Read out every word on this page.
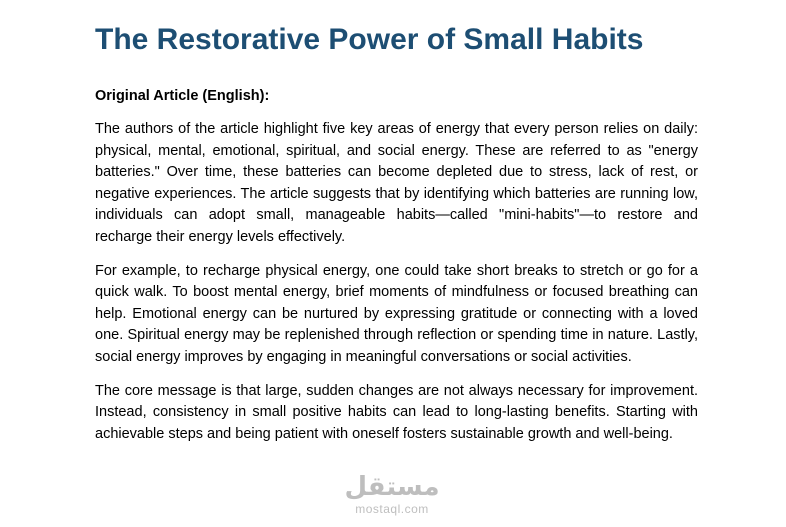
The Restorative Power of Small Habits

Original Article (English):

The authors of the article highlight five key areas of energy that every person relies on daily: physical, mental, emotional, spiritual, and social energy. These are referred to as "energy batteries." Over time, these batteries can become depleted due to stress, lack of rest, or negative experiences. The article suggests that by identifying which batteries are running low, individuals can adopt small, manageable habits—called "mini-habits"—to restore and recharge their energy levels effectively.

For example, to recharge physical energy, one could take short breaks to stretch or go for a quick walk. To boost mental energy, brief moments of mindfulness or focused breathing can help. Emotional energy can be nurtured by expressing gratitude or connecting with a loved one. Spiritual energy may be replenished through reflection or spending time in nature. Lastly, social energy improves by engaging in meaningful conversations or social activities.

The core message is that large, sudden changes are not always necessary for improvement. Instead, consistency in small positive habits can lead to long-lasting benefits. Starting with achievable steps and being patient with oneself fosters sustainable growth and well-being.

مستقل
mostaql.com
